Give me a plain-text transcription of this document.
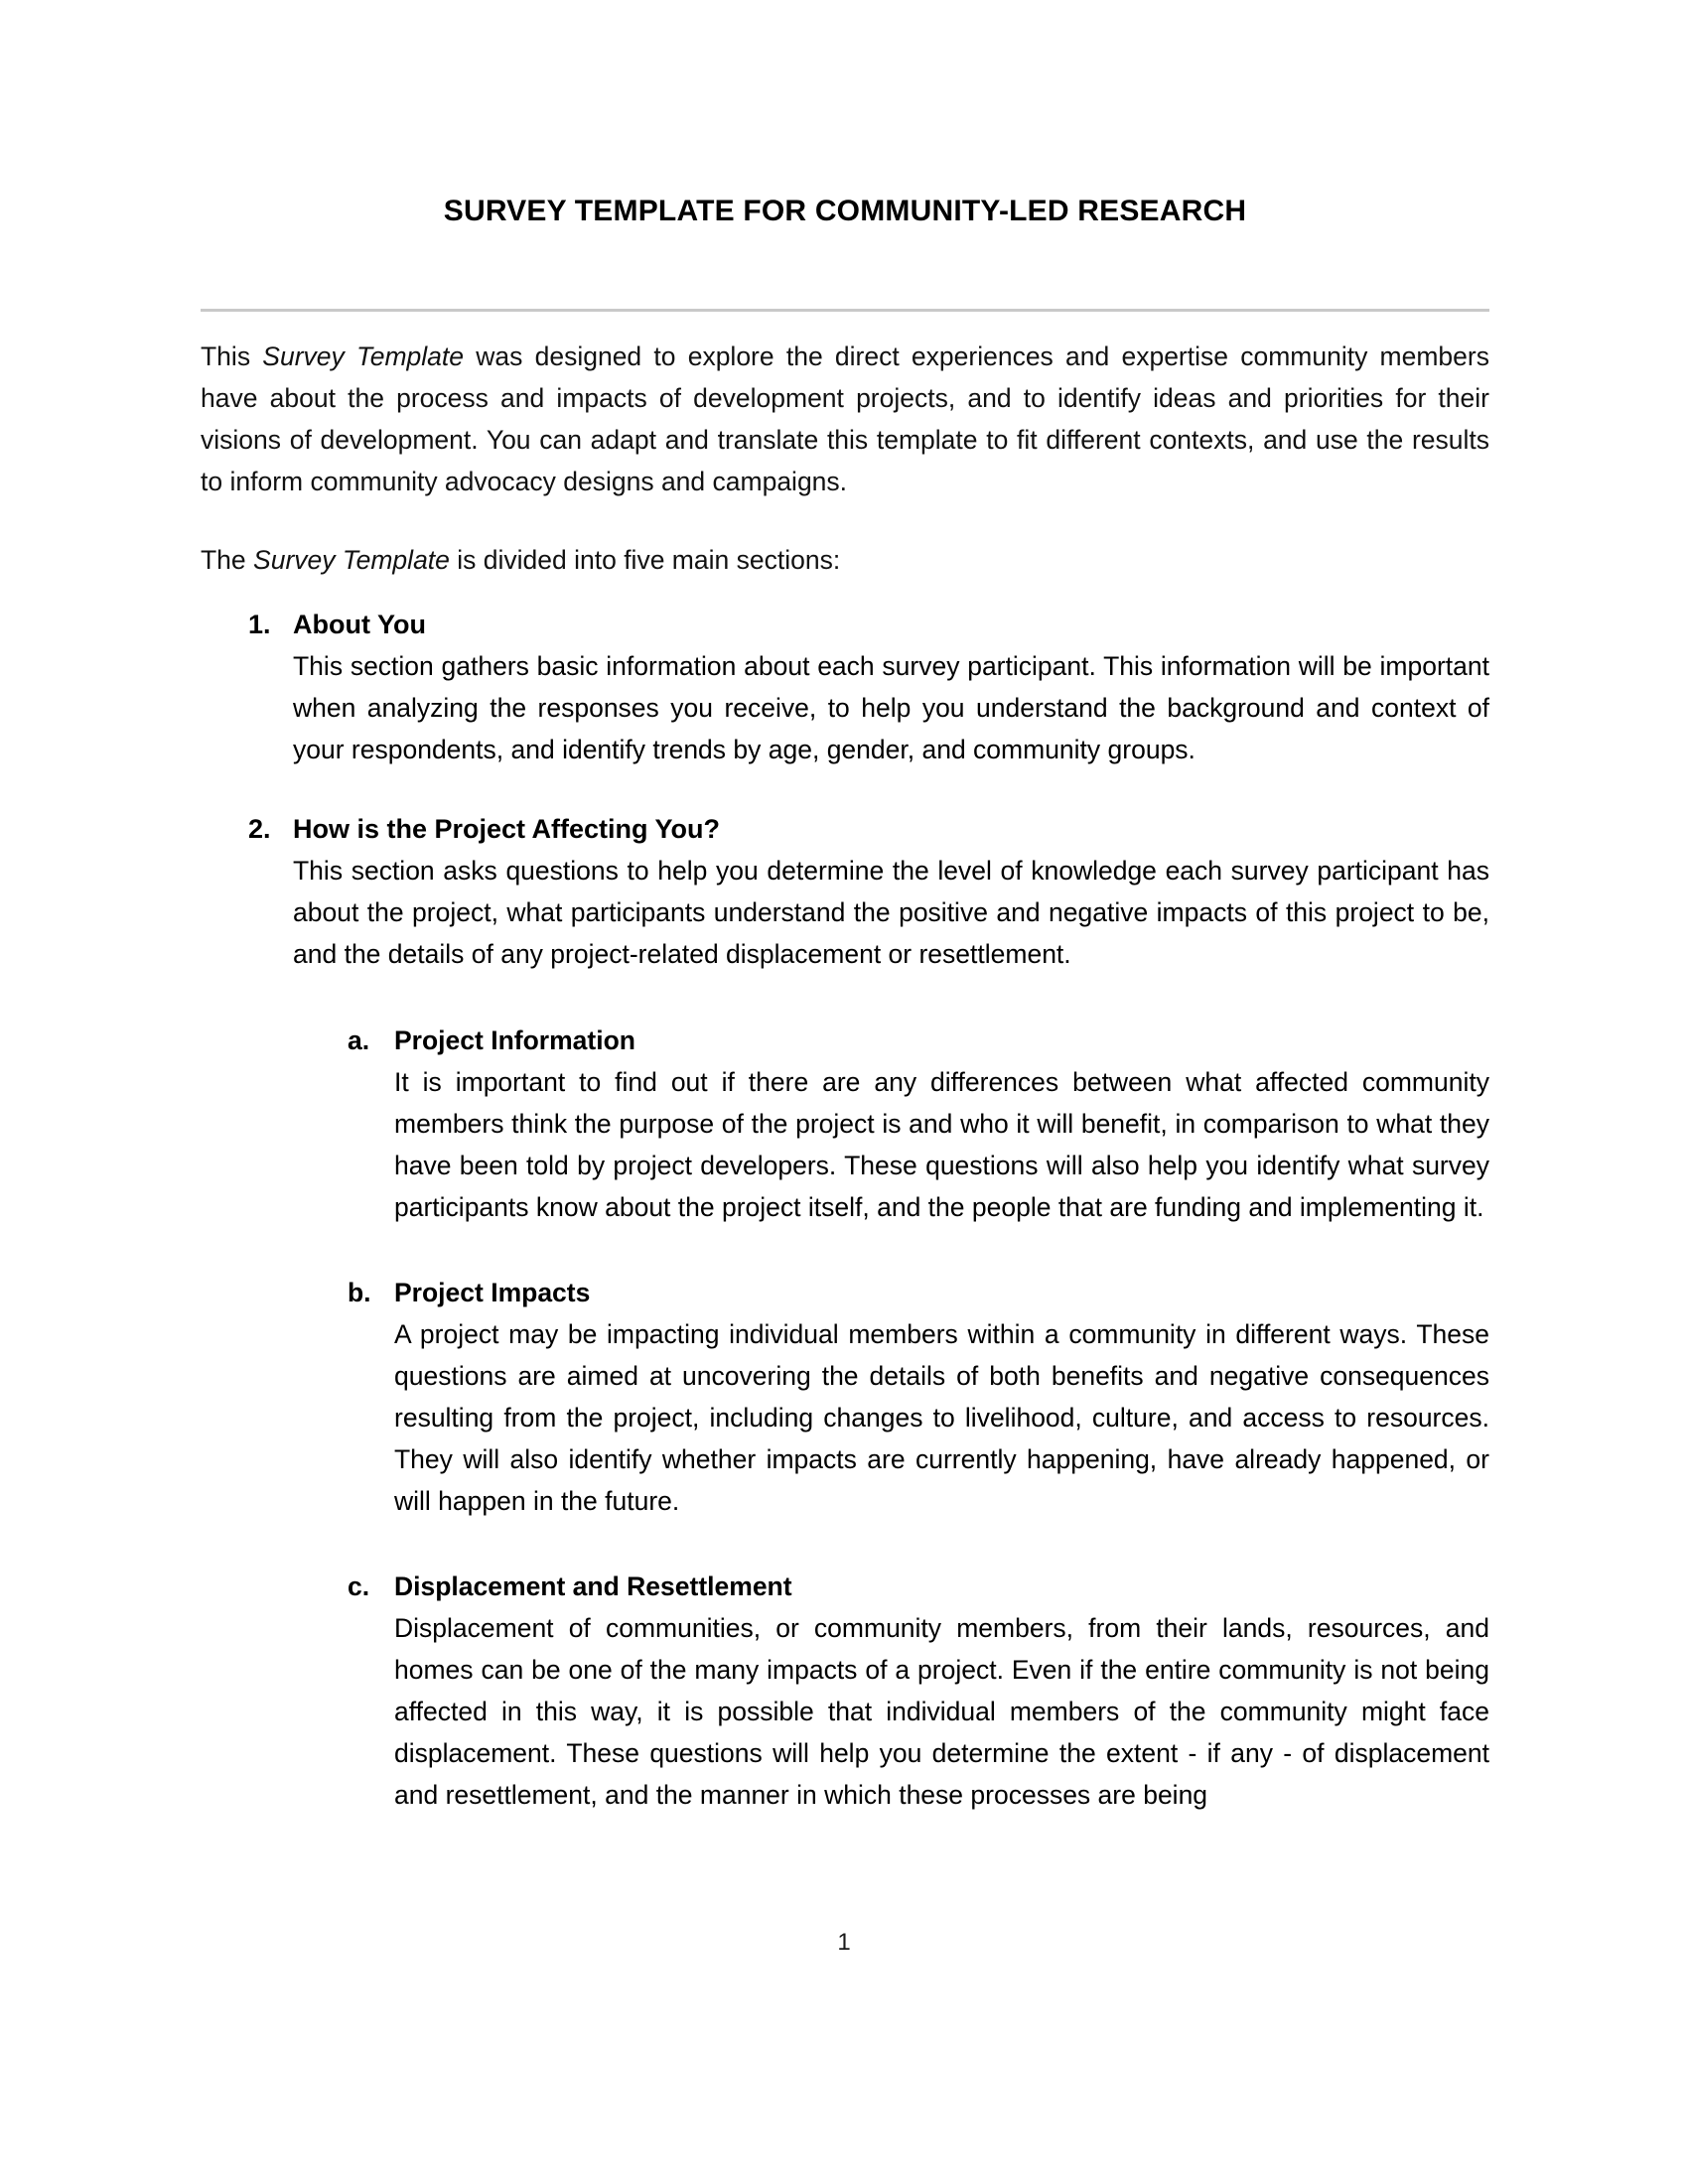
SURVEY TEMPLATE FOR COMMUNITY-LED RESEARCH

This Survey Template was designed to explore the direct experiences and expertise community members have about the process and impacts of development projects, and to identify ideas and priorities for their visions of development. You can adapt and translate this template to fit different contexts, and use the results to inform community advocacy designs and campaigns.

The Survey Template is divided into five main sections:

1. About You

This section gathers basic information about each survey participant. This information will be important when analyzing the responses you receive, to help you understand the background and context of your respondents, and identify trends by age, gender, and community groups.

2. How is the Project Affecting You?

This section asks questions to help you determine the level of knowledge each survey participant has about the project, what participants understand the positive and negative impacts of this project to be, and the details of any project-related displacement or resettlement.

a. Project Information

It is important to find out if there are any differences between what affected community members think the purpose of the project is and who it will benefit, in comparison to what they have been told by project developers. These questions will also help you identify what survey participants know about the project itself, and the people that are funding and implementing it.

b. Project Impacts

A project may be impacting individual members within a community in different ways. These questions are aimed at uncovering the details of both benefits and negative consequences resulting from the project, including changes to livelihood, culture, and access to resources. They will also identify whether impacts are currently happening, have already happened, or will happen in the future.

c. Displacement and Resettlement

Displacement of communities, or community members, from their lands, resources, and homes can be one of the many impacts of a project. Even if the entire community is not being affected in this way, it is possible that individual members of the community might face displacement. These questions will help you determine the extent - if any - of displacement and resettlement, and the manner in which these processes are being

1
